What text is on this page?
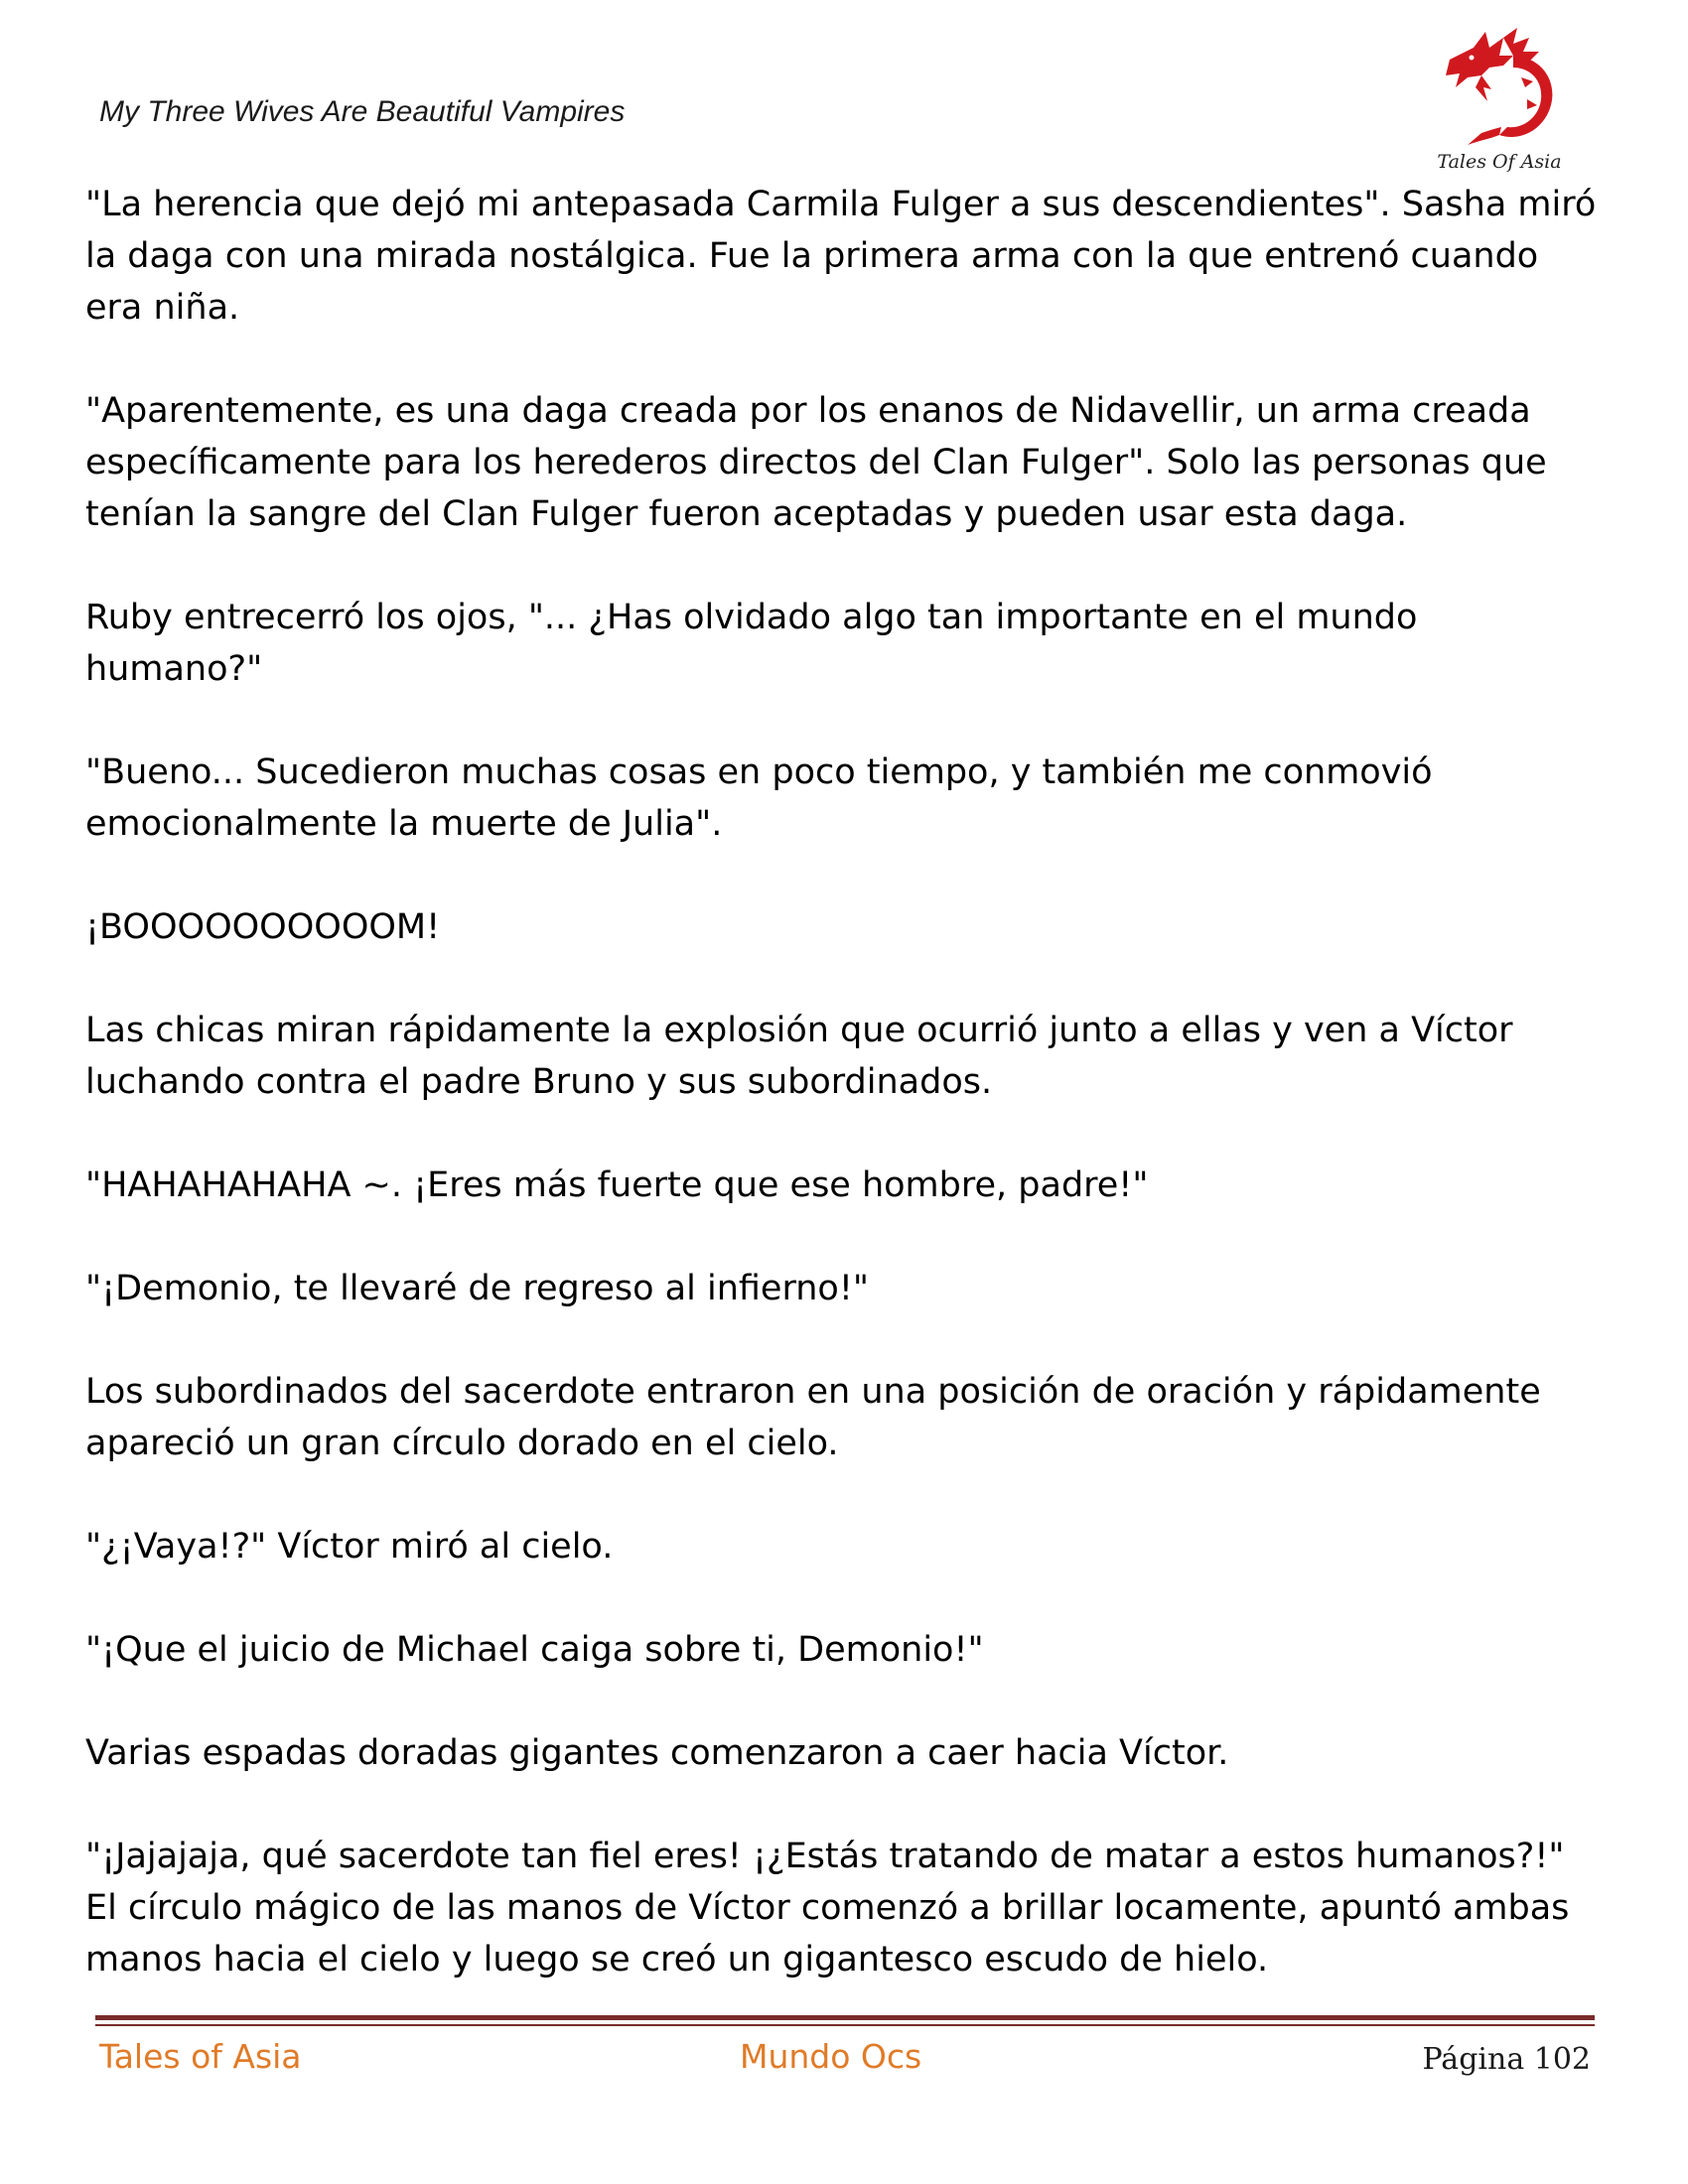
My Three Wives Are Beautiful Vampires
Tales Of Asia

"La herencia que dejó mi antepasada Carmila Fulger a sus descendientes". Sasha miró la daga con una mirada nostálgica. Fue la primera arma con la que entrenó cuando era niña.

"Aparentemente, es una daga creada por los enanos de Nidavellir, un arma creada específicamente para los herederos directos del Clan Fulger". Solo las personas que tenían la sangre del Clan Fulger fueron aceptadas y pueden usar esta daga.

Ruby entrecerró los ojos, "... ¿Has olvidado algo tan importante en el mundo humano?"

"Bueno... Sucedieron muchas cosas en poco tiempo, y también me conmovió emocionalmente la muerte de Julia".

¡BOOOOOOOOOOM!

Las chicas miran rápidamente la explosión que ocurrió junto a ellas y ven a Víctor luchando contra el padre Bruno y sus subordinados.

"HAHAHAHAHA ~. ¡Eres más fuerte que ese hombre, padre!"

"¡Demonio, te llevaré de regreso al infierno!"

Los subordinados del sacerdote entraron en una posición de oración y rápidamente apareció un gran círculo dorado en el cielo.

"¿¡Vaya!?" Víctor miró al cielo.

"¡Que el juicio de Michael caiga sobre ti, Demonio!"

Varias espadas doradas gigantes comenzaron a caer hacia Víctor.

"¡Jajajaja, qué sacerdote tan fiel eres! ¡¿Estás tratando de matar a estos humanos?!" El círculo mágico de las manos de Víctor comenzó a brillar locamente, apuntó ambas manos hacia el cielo y luego se creó un gigantesco escudo de hielo.

Tales of Asia	Mundo Ocs	Página 102
